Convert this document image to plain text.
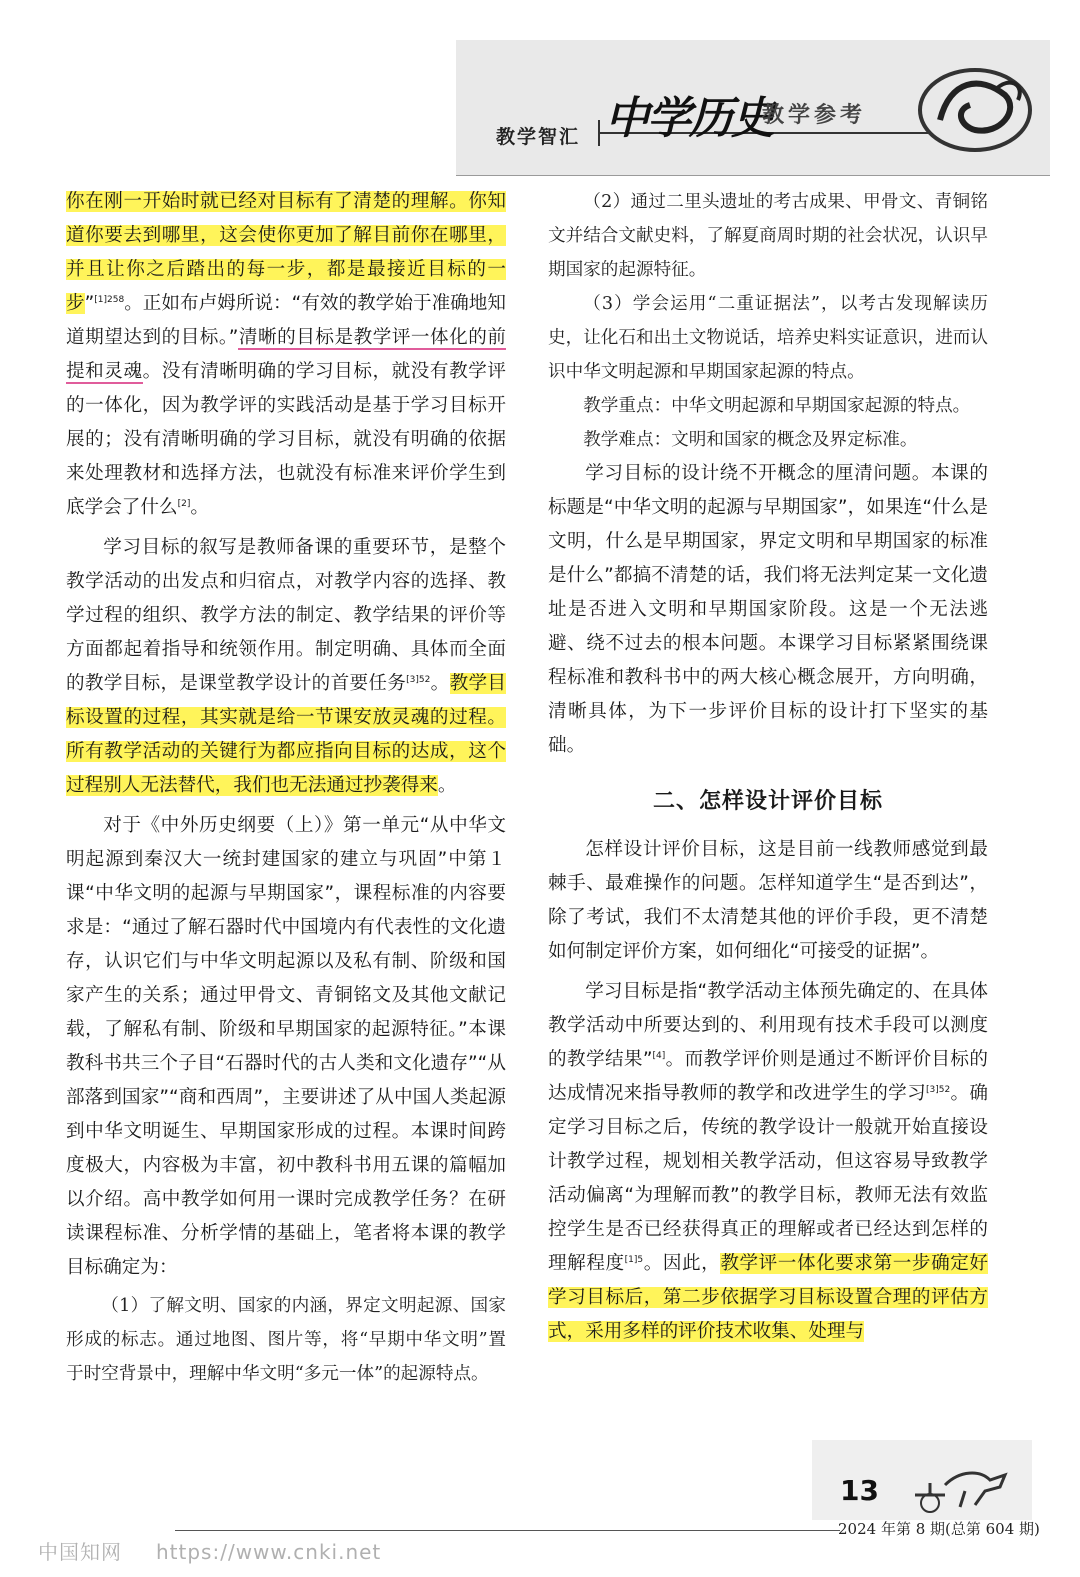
教学智汇 中学历史
教学参考

你在刚一开始时就已经对目标有了清楚的理解。你知道你要去到哪里，这会使你更加了解目前你在哪里，并且让你之后踏出的每一步，都是最接近目标的一步”$^{[1]258}$。正如布卢姆所说：“有效的教学始于准确地知道期望达到的目标。”清晰的目标是教学评一体化的前提和灵魂。没有清晰明确的学习目标，就没有教学评的一体化，因为教学评的实践活动是基于学习目标开展的；没有清晰明确的学习目标，就没有明确的依据来处理教材和选择方法，也就没有标准来评价学生到底学会了什么[2]。

学习目标的叙写是教师备课的重要环节，是整个教学活动的出发点和归宿点，对教学内容的选择、教学过程的组织、教学方法的制定、教学结果的评价等方面都起着指导和统领作用。制定明确、具体而全面的教学目标，是课堂教学设计的首要任务$^{[3]52}$。教学目标设置的过程，其实就是给一节课安放灵魂的过程。所有教学活动的关键行为都应指向目标的达成，这个过程别人无法替代，我们也无法通过抄袭得来。

对于《中外历史纲要（上）》第一单元“从中华文明起源到秦汉大一统封建国家的建立与巩固”中第１课“中华文明的起源与早期国家”，课程标准的内容要求是：“通过了解石器时代中国境内有代表性的文化遗存，认识它们与中华文明起源以及私有制、阶级和国家产生的关系；通过甲骨文、青铜铭文及其他文献记载，了解私有制、阶级和早期国家的起源特征。”本课教科书共三个子目“石器时代的古人类和文化遗存”“从部落到国家”“商和西周”，主要讲述了从中国人类起源到中华文明诞生、早期国家形成的过程。本课时间跨度极大，内容极为丰富，初中教科书用五课的篇幅加以介绍。高中教学如何用一课时完成教学任务？在研读课程标准、分析学情的基础上，笔者将本课的教学目标确定为：

（1）了解文明、国家的内涵，界定文明起源、国家形成的标志。通过地图、图片等，将“早期中华文明”置于时空背景中，理解中华文明“多元一体”的起源特点。

（2）通过二里头遗址的考古成果、甲骨文、青铜铭文并结合文献史料，了解夏商周时期的社会状况，认识早期国家的起源特征。

（3）学会运用“二重证据法”，以考古发现解读历史，让化石和出土文物说话，培养史料实证意识，进而认识中华文明起源和早期国家起源的特点。

教学重点：中华文明起源和早期国家起源的特点。

教学难点：文明和国家的概念及界定标准。

学习目标的设计绕不开概念的厘清问题。本课的标题是“中华文明的起源与早期国家”，如果连“什么是文明，什么是早期国家，界定文明和早期国家的标准是什么”都搞不清楚的话，我们将无法判定某一文化遗址是否进入文明和早期国家阶段。这是一个无法逃避、绕不过去的根本问题。本课学习目标紧紧围绕课程标准和教科书中的两大核心概念展开，方向明确，清晰具体，为下一步评价目标的设计打下坚实的基础。

二、怎样设计评价目标

怎样设计评价目标，这是目前一线教师感觉到最棘手、最难操作的问题。怎样知道学生“是否到达”，除了考试，我们不太清楚其他的评价手段，更不清楚如何制定评价方案，如何细化“可接受的证据”。

学习目标是指“教学活动主体预先确定的、在具体教学活动中所要达到的、利用现有技术手段可以测度的教学结果”[4]。而教学评价则是通过不断评价目标的达成情况来指导教师的教学和改进学生的学习$^{[3]52}$。确定学习目标之后，传统的教学设计一般就开始直接设计教学过程，规划相关教学活动，但这容易导致教学活动偏离“为理解而教”的教学目标，教师无法有效监控学生是否已经获得真正的理解或者已经达到怎样的理解程度$^{[1]5}$。因此，教学评一体化要求第一步确定好学习目标后，第二步依据学习目标设置合理的评估方式，采用多样的评价技术收集、处理与

13
2024 年第 8 期(总第 604 期)
中国知网 https://www.cnki.net
